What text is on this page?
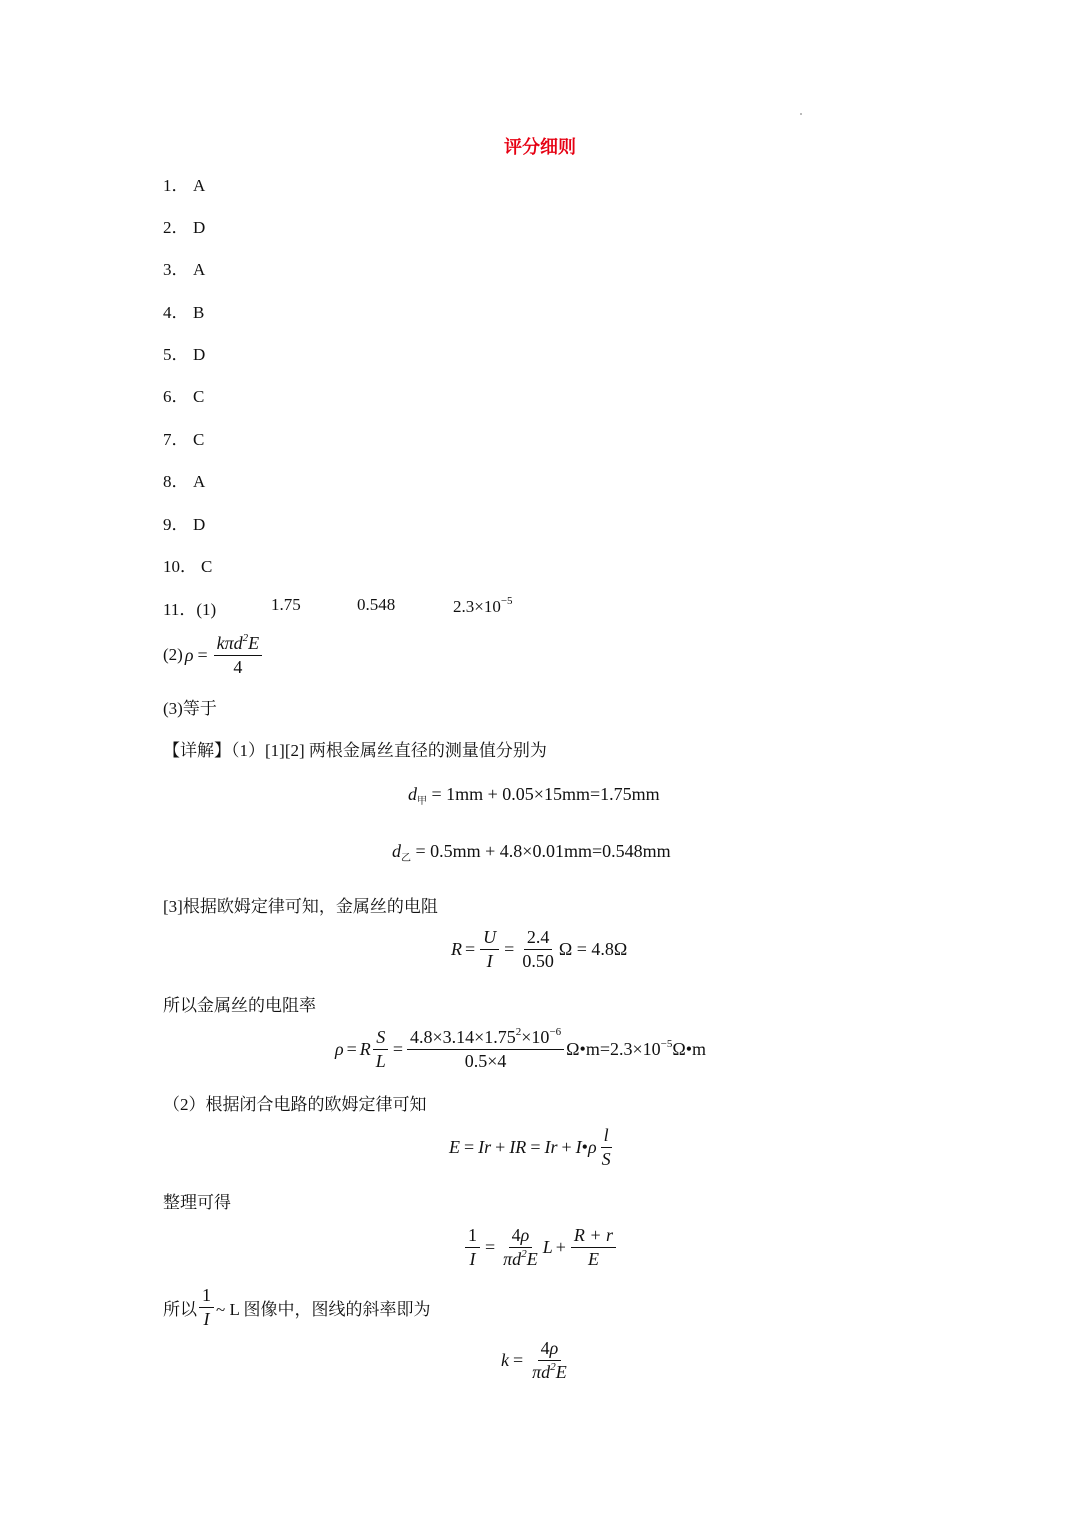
评分细则
1． A
2． D
3． A
4． B
5． D
6． C
7． C
8． A
9． D
10． C
11．(1)	1.75	0.548	$2.3\times 10^{-5}$
(2) $\rho = \frac{k\pi d^2E}{4}$
(3)等于
【详解】（1）[1][2] 两根金属丝直径的测量值分别为
$d_甲 = 1mm + 0.05\times 15mm=1.75mm$
$d_乙 = 0.5mm + 4.8\times 0.01mm=0.548mm$
[3]根据欧姆定律可知，金属丝的电阻
$R = \frac{U}{I} = \frac{2.4}{0.50}$ Ω = 4.8Ω
所以金属丝的电阻率
ρ = R $\frac{S}{L} = \frac{4.8\times 3.14\times 1.75^2\times 10^{-6}}{0.5\times 4}$ $\Omega•m=2.3\times 10^{-5}\Omega•m$
（2）根据闭合电路的欧姆定律可知
E = Ir + IR = Ir + I • ρ $\frac{l}{S}$
整理可得
$\frac{1}{I} = \frac{4\rho}{\pi d^2E}$ $L + \frac{R + r}{E}$
所以 $\frac{1}{I}$ ~ L 图像中，图线的斜率即为
$k = \frac{4\rho}{\pi d^2E}$
